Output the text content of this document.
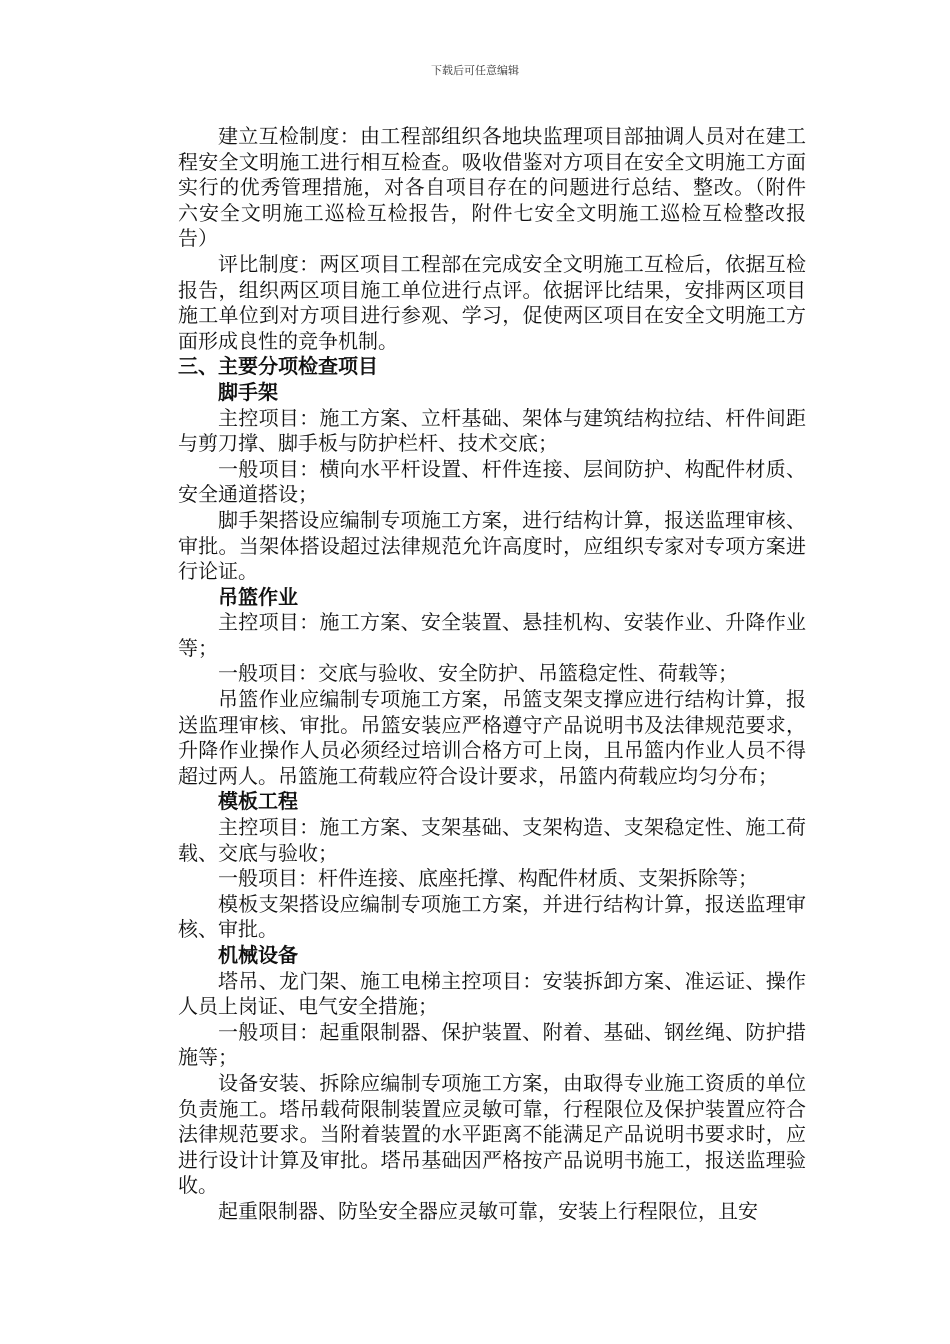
下载后可任意编辑

建立互检制度：由工程部组织各地块监理项目部抽调人员对在建工程安全文明施工进行相互检查。吸收借鉴对方项目在安全文明施工方面实行的优秀管理措施，对各自项目存在的问题进行总结、整改。（附件六安全文明施工巡检互检报告，附件七安全文明施工巡检互检整改报告）

评比制度：两区项目工程部在完成安全文明施工互检后，依据互检报告，组织两区项目施工单位进行点评。依据评比结果，安排两区项目施工单位到对方项目进行参观、学习，促使两区项目在安全文明施工方面形成良性的竞争机制。

三、主要分项检查项目

脚手架

主控项目：施工方案、立杆基础、架体与建筑结构拉结、杆件间距与剪刀撑、脚手板与防护栏杆、技术交底；

一般项目：横向水平杆设置、杆件连接、层间防护、构配件材质、安全通道搭设；

脚手架搭设应编制专项施工方案，进行结构计算，报送监理审核、审批。当架体搭设超过法律规范允许高度时，应组织专家对专项方案进行论证。

吊篮作业

主控项目：施工方案、安全装置、悬挂机构、安装作业、升降作业等；

一般项目：交底与验收、安全防护、吊篮稳定性、荷载等；

吊篮作业应编制专项施工方案，吊篮支架支撑应进行结构计算，报送监理审核、审批。吊篮安装应严格遵守产品说明书及法律规范要求，升降作业操作人员必须经过培训合格方可上岗，且吊篮内作业人员不得超过两人。吊篮施工荷载应符合设计要求，吊篮内荷载应均匀分布；

模板工程

主控项目：施工方案、支架基础、支架构造、支架稳定性、施工荷载、交底与验收；

一般项目：杆件连接、底座托撑、构配件材质、支架拆除等；

模板支架搭设应编制专项施工方案，并进行结构计算，报送监理审核、审批。

机械设备

塔吊、龙门架、施工电梯主控项目：安装拆卸方案、准运证、操作人员上岗证、电气安全措施；

一般项目：起重限制器、保护装置、附着、基础、钢丝绳、防护措施等；

设备安装、拆除应编制专项施工方案，由取得专业施工资质的单位负责施工。塔吊载荷限制装置应灵敏可靠，行程限位及保护装置应符合法律规范要求。当附着装置的水平距离不能满足产品说明书要求时，应进行设计计算及审批。塔吊基础因严格按产品说明书施工，报送监理验收。

起重限制器、防坠安全器应灵敏可靠，安装上行程限位，且安
